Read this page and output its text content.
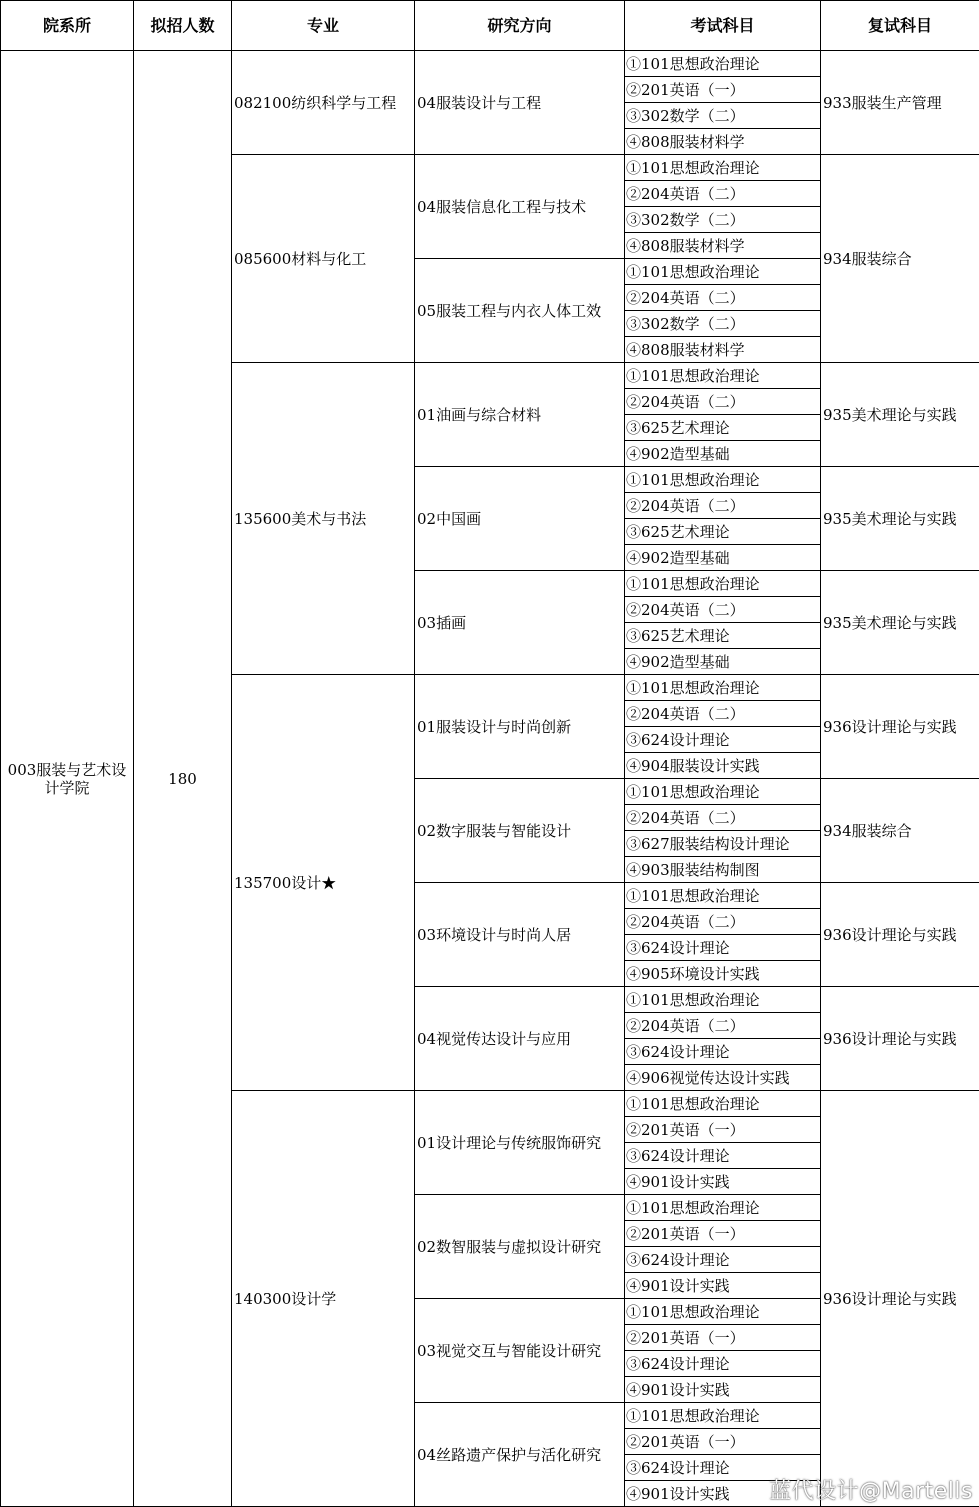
院系所	拟招人数	专业	研究方向	考试科目	复试科目
003服装与艺术设计学院	180	082100纺织科学与工程	04服装设计与工程	①101思想政治理论	933服装生产管理
				②201英语（一）	
				③302数学（二）	
				④808服装材料学	
		085600材料与化工	04服装信息化工程与技术	①101思想政治理论	934服装综合
				②204英语（二）	
				③302数学（二）	
				④808服装材料学	
			05服装工程与内衣人体工效	①101思想政治理论	
				②204英语（二）	
				③302数学（二）	
				④808服装材料学	
		135600美术与书法	01油画与综合材料	①101思想政治理论	935美术理论与实践
				②204英语（二）	
				③625艺术理论	
				④902造型基础	
			02中国画	①101思想政治理论	935美术理论与实践
				②204英语（二）	
				③625艺术理论	
				④902造型基础	
			03插画	①101思想政治理论	935美术理论与实践
				②204英语（二）	
				③625艺术理论	
				④902造型基础	
		135700设计★	01服装设计与时尚创新	①101思想政治理论	936设计理论与实践
				②204英语（二）	
				③624设计理论	
				④904服装设计实践	
			02数字服装与智能设计	①101思想政治理论	934服装综合
				②204英语（二）	
				③627服装结构设计理论	
				④903服装结构制图	
			03环境设计与时尚人居	①101思想政治理论	936设计理论与实践
				②204英语（二）	
				③624设计理论	
				④905环境设计实践	
			04视觉传达设计与应用	①101思想政治理论	936设计理论与实践
				②204英语（二）	
				③624设计理论	
				④906视觉传达设计实践	
		140300设计学	01设计理论与传统服饰研究	①101思想政治理论	936设计理论与实践
				②201英语（一）	
				③624设计理论	
				④901设计实践	
			02数智服装与虚拟设计研究	①101思想政治理论	
				②201英语（一）	
				③624设计理论	
				④901设计实践	
			03视觉交互与智能设计研究	①101思想政治理论	
				②201英语（一）	
				③624设计理论	
				④901设计实践	
			04丝路遗产保护与活化研究	①101思想政治理论	
				②201英语（一）	
				③624设计理论	
				④901设计实践	蓝代设计@Martells
